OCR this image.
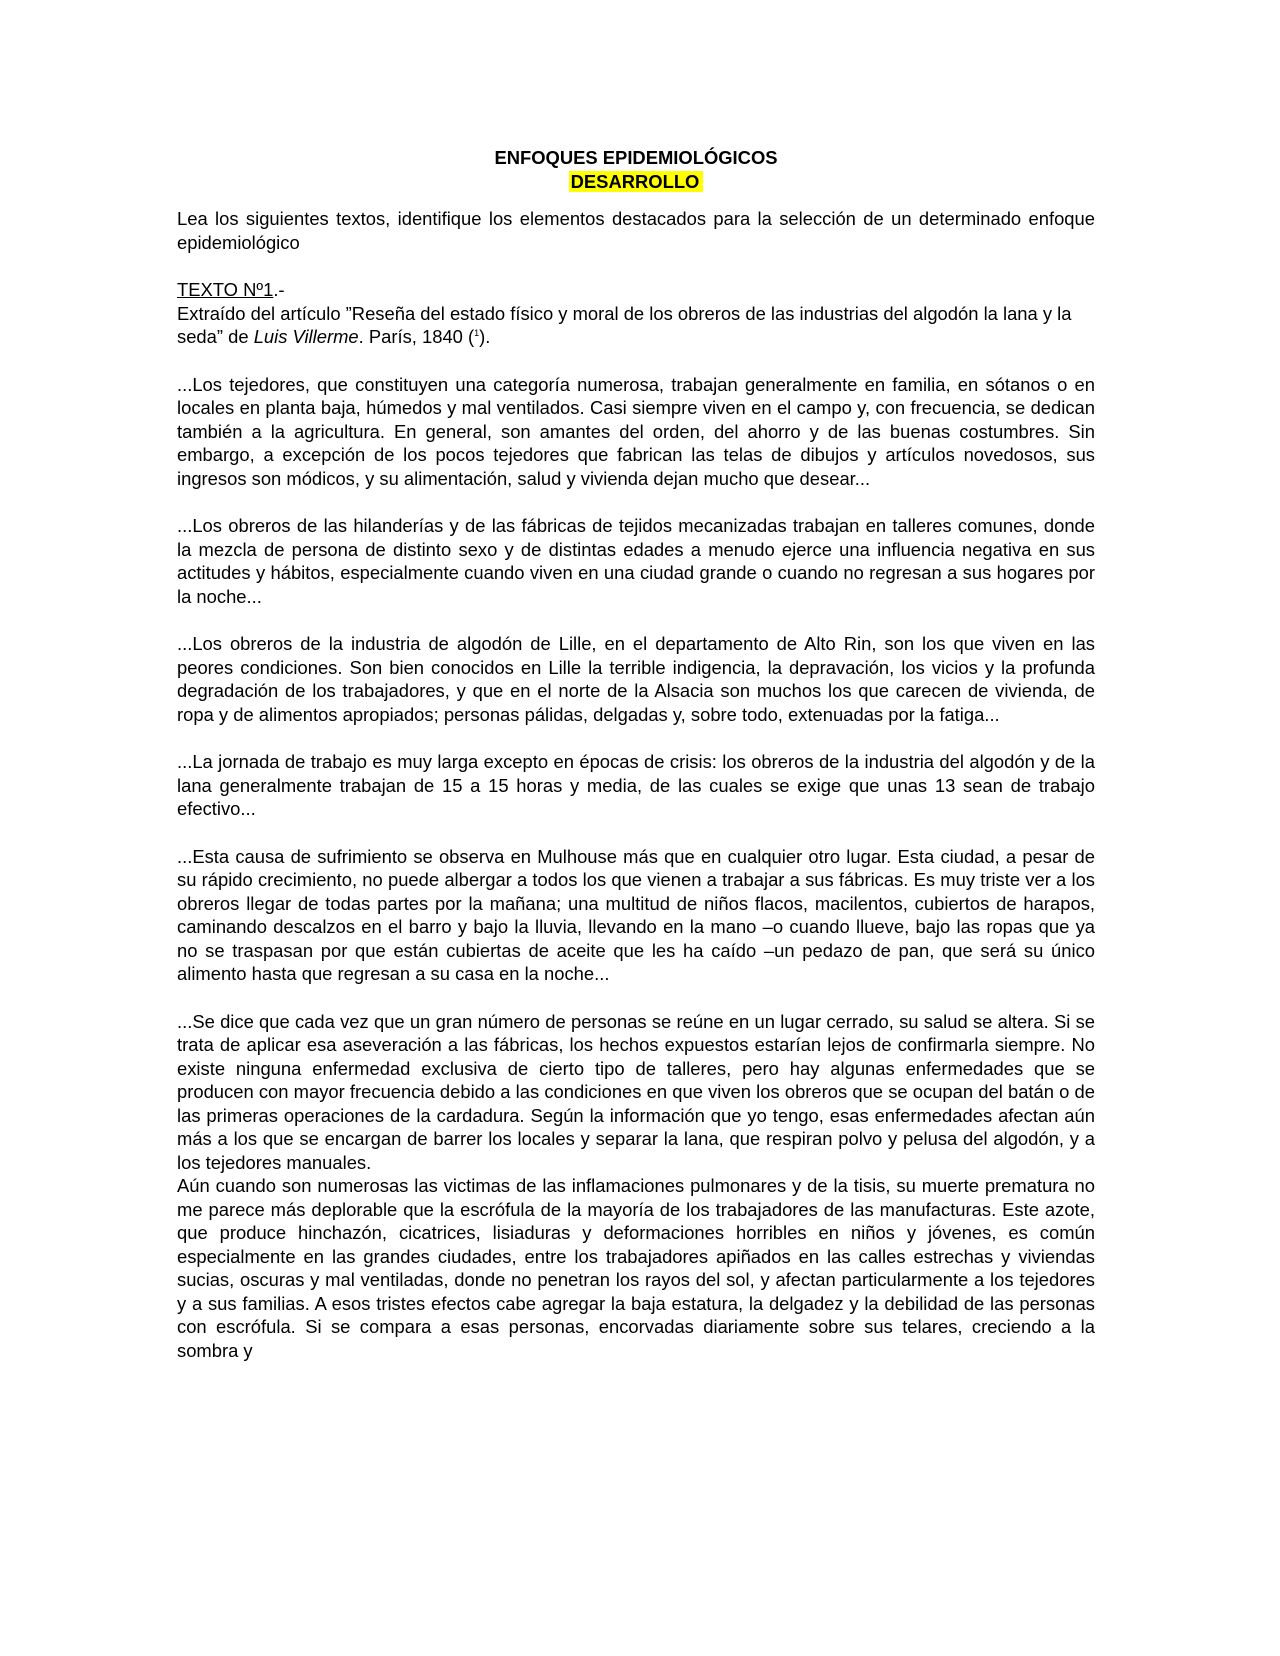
ENFOQUES EPIDEMIOLÓGICOS
DESARROLLO

Lea los siguientes textos, identifique los elementos destacados para la selección de un determinado enfoque epidemiológico

TEXTO Nº1.-

Extraído del artículo ”Reseña del estado físico y moral de los obreros de las industrias del algodón la lana y la seda” de Luis Villerme. París, 1840 ($^1$).

...Los tejedores, que constituyen una categoría numerosa, trabajan generalmente en familia, en sótanos o en locales en planta baja, húmedos y mal ventilados. Casi siempre viven en el campo y, con frecuencia, se dedican también a la agricultura. En general, son amantes del orden, del ahorro y de las buenas costumbres. Sin embargo, a excepción de los pocos tejedores que fabrican las telas de dibujos y artículos novedosos, sus ingresos son módicos, y su alimentación, salud y vivienda dejan mucho que desear...

...Los obreros de las hilanderías y de las fábricas de tejidos mecanizadas trabajan en talleres comunes, donde la mezcla de persona de distinto sexo y de distintas edades a menudo ejerce una influencia negativa en sus actitudes y hábitos, especialmente cuando viven en una ciudad grande o cuando no regresan a sus hogares por la noche...

...Los obreros de la industria de algodón de Lille, en el departamento de Alto Rin, son los que viven en las peores condiciones. Son bien conocidos en Lille la terrible indigencia, la depravación, los vicios y la profunda degradación de los trabajadores, y que en el norte de la Alsacia son muchos los que carecen de vivienda, de ropa y de alimentos apropiados; personas pálidas, delgadas y, sobre todo, extenuadas por la fatiga...

...La jornada de trabajo es muy larga excepto en épocas de crisis: los obreros de la industria del algodón y de la lana generalmente trabajan de 15 a 15 horas y media, de las cuales se exige que unas 13 sean de trabajo efectivo...

...Esta causa de sufrimiento se observa en Mulhouse más que en cualquier otro lugar. Esta ciudad, a pesar de su rápido crecimiento, no puede albergar a todos los que vienen a trabajar a sus fábricas. Es muy triste ver a los obreros llegar de todas partes por la mañana; una multitud de niños flacos, macilentos, cubiertos de harapos, caminando descalzos en el barro y bajo la lluvia, llevando en la mano –o cuando llueve, bajo las ropas que ya no se traspasan por que están cubiertas de aceite que les ha caído –un pedazo de pan, que será su único alimento hasta que regresan a su casa en la noche...

...Se dice que cada vez que un gran número de personas se reúne en un lugar cerrado, su salud se altera. Si se trata de aplicar esa aseveración a las fábricas, los hechos expuestos estarían lejos de confirmarla siempre. No existe ninguna enfermedad exclusiva de cierto tipo de talleres, pero hay algunas enfermedades que se producen con mayor frecuencia debido a las condiciones en que viven los obreros que se ocupan del batán o de las primeras operaciones de la cardadura. Según la información que yo tengo, esas enfermedades afectan aún más a los que se encargan de barrer los locales y separar la lana, que respiran polvo y pelusa del algodón, y a los tejedores manuales.

Aún cuando son numerosas las victimas de las inflamaciones pulmonares y de la tisis, su muerte prematura no me parece más deplorable que la escrófula de la mayoría de los trabajadores de las manufacturas. Este azote, que produce hinchazón, cicatrices, lisiaduras y deformaciones horribles en niños y jóvenes, es común especialmente en las grandes ciudades, entre los trabajadores apiñados en las calles estrechas y viviendas sucias, oscuras y mal ventiladas, donde no penetran los rayos del sol, y afectan particularmente a los tejedores y a sus familias. A esos tristes efectos cabe agregar la baja estatura, la delgadez y la debilidad de las personas con escrófula. Si se compara a esas personas, encorvadas diariamente sobre sus telares, creciendo a la sombra y
